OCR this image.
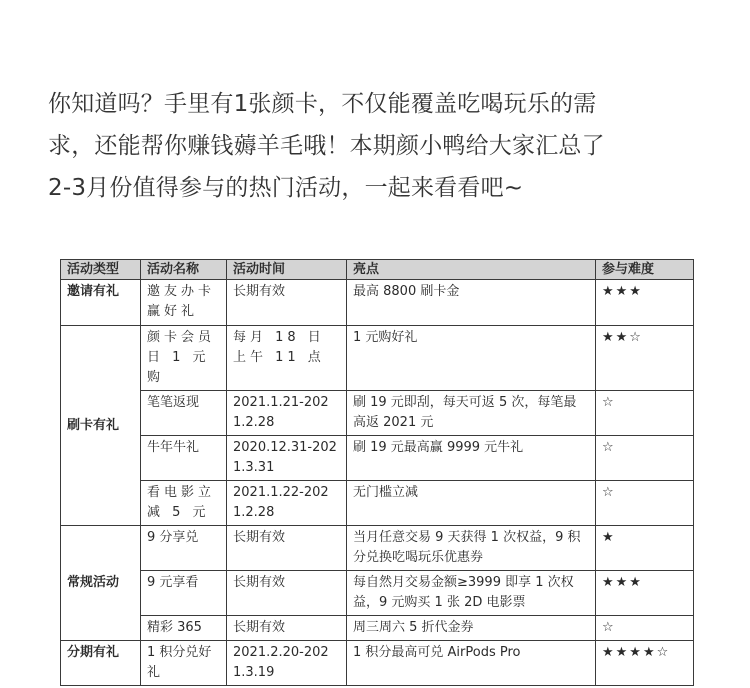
你知道吗？手里有1张颜卡，不仅能覆盖吃喝玩乐的需

求，还能帮你赚钱薅羊毛哦！本期颜小鸭给大家汇总了

2-3月份值得参与的热门活动，一起来看看吧~

活动类型	活动名称	活动时间	亮点	参与难度
邀请有礼	邀友办卡赢好礼	长期有效	最高 8800 刷卡金	★★★
刷卡有礼	颜卡会员日 1 元购	每月 18 日上午 11 点	1 元购好礼	★★☆
	笔笔返现	2021.1.21-2021.2.28	刷 19 元即刮，每天可返 5 次，每笔最高返 2021 元	☆
	牛年牛礼	2020.12.31-2021.3.31	刷 19 元最高赢 9999 元牛礼	☆
	看电影立减 5 元	2021.1.22-2021.2.28	无门槛立减	☆
常规活动	9 分享兑	长期有效	当月任意交易 9 天获得 1 次权益，9 积分兑换吃喝玩乐优惠券	★
	9 元享看	长期有效	每自然月交易金额≥3999 即享 1 次权益，9 元购买 1 张 2D 电影票	★★★
	精彩 365	长期有效	周三周六 5 折代金券	☆
分期有礼	1 积分兑好礼	2021.2.20-2021.3.19	1 积分最高可兑 AirPods Pro	★★★★☆
